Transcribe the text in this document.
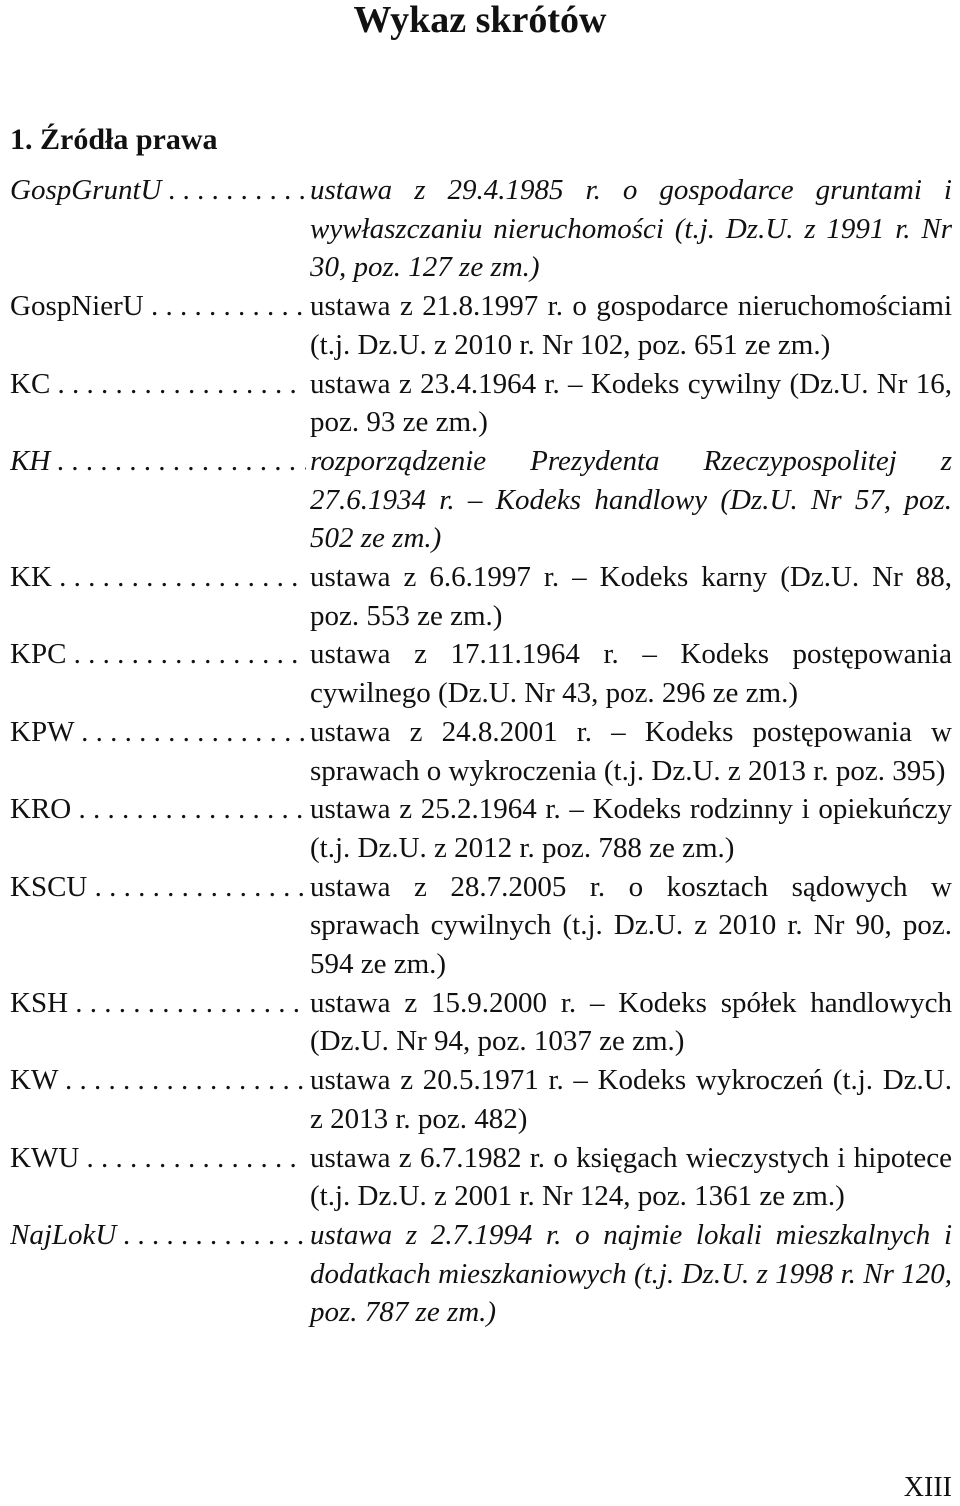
Wykaz skrótów
1. Źródła prawa
GospGruntU . . .	ustawa z 29.4.1985 r. o gospodarce gruntami i wywłaszczaniu nieruchomości (t.j. Dz.U. z 1991 r. Nr 30, poz. 127 ze zm.)
GospNierU . . .	ustawa z 21.8.1997 r. o gospodarce nieruchomościami (t.j. Dz.U. z 2010 r. Nr 102, poz. 651 ze zm.)
KC . . .	ustawa z 23.4.1964 r. – Kodeks cywilny (Dz.U. Nr 16, poz. 93 ze zm.)
KH . . .	rozporządzenie Prezydenta Rzeczypospolitej z 27.6.1934 r. – Kodeks handlowy (Dz.U. Nr 57, poz. 502 ze zm.)
KK . . .	ustawa z 6.6.1997 r. – Kodeks karny (Dz.U. Nr 88, poz. 553 ze zm.)
KPC . . .	ustawa z 17.11.1964 r. – Kodeks postępowania cywilnego (Dz.U. Nr 43, poz. 296 ze zm.)
KPW . . .	ustawa z 24.8.2001 r. – Kodeks postępowania w sprawach o wykroczenia (t.j. Dz.U. z 2013 r. poz. 395)
KRO . . .	ustawa z 25.2.1964 r. – Kodeks rodzinny i opiekuńczy (t.j. Dz.U. z 2012 r. poz. 788 ze zm.)
KSCU . . .	ustawa z 28.7.2005 r. o kosztach sądowych w sprawach cywilnych (t.j. Dz.U. z 2010 r. Nr 90, poz. 594 ze zm.)
KSH . . .	ustawa z 15.9.2000 r. – Kodeks spółek handlowych (Dz.U. Nr 94, poz. 1037 ze zm.)
KW . . .	ustawa z 20.5.1971 r. – Kodeks wykroczeń (t.j. Dz.U. z 2013 r. poz. 482)
KWU . . .	ustawa z 6.7.1982 r. o księgach wieczystych i hipotece (t.j. Dz.U. z 2001 r. Nr 124, poz. 1361 ze zm.)
NajLokU . . .	ustawa z 2.7.1994 r. o najmie lokali mieszkalnych i dodatkach mieszkaniowych (t.j. Dz.U. z 1998 r. Nr 120, poz. 787 ze zm.)
XIII
